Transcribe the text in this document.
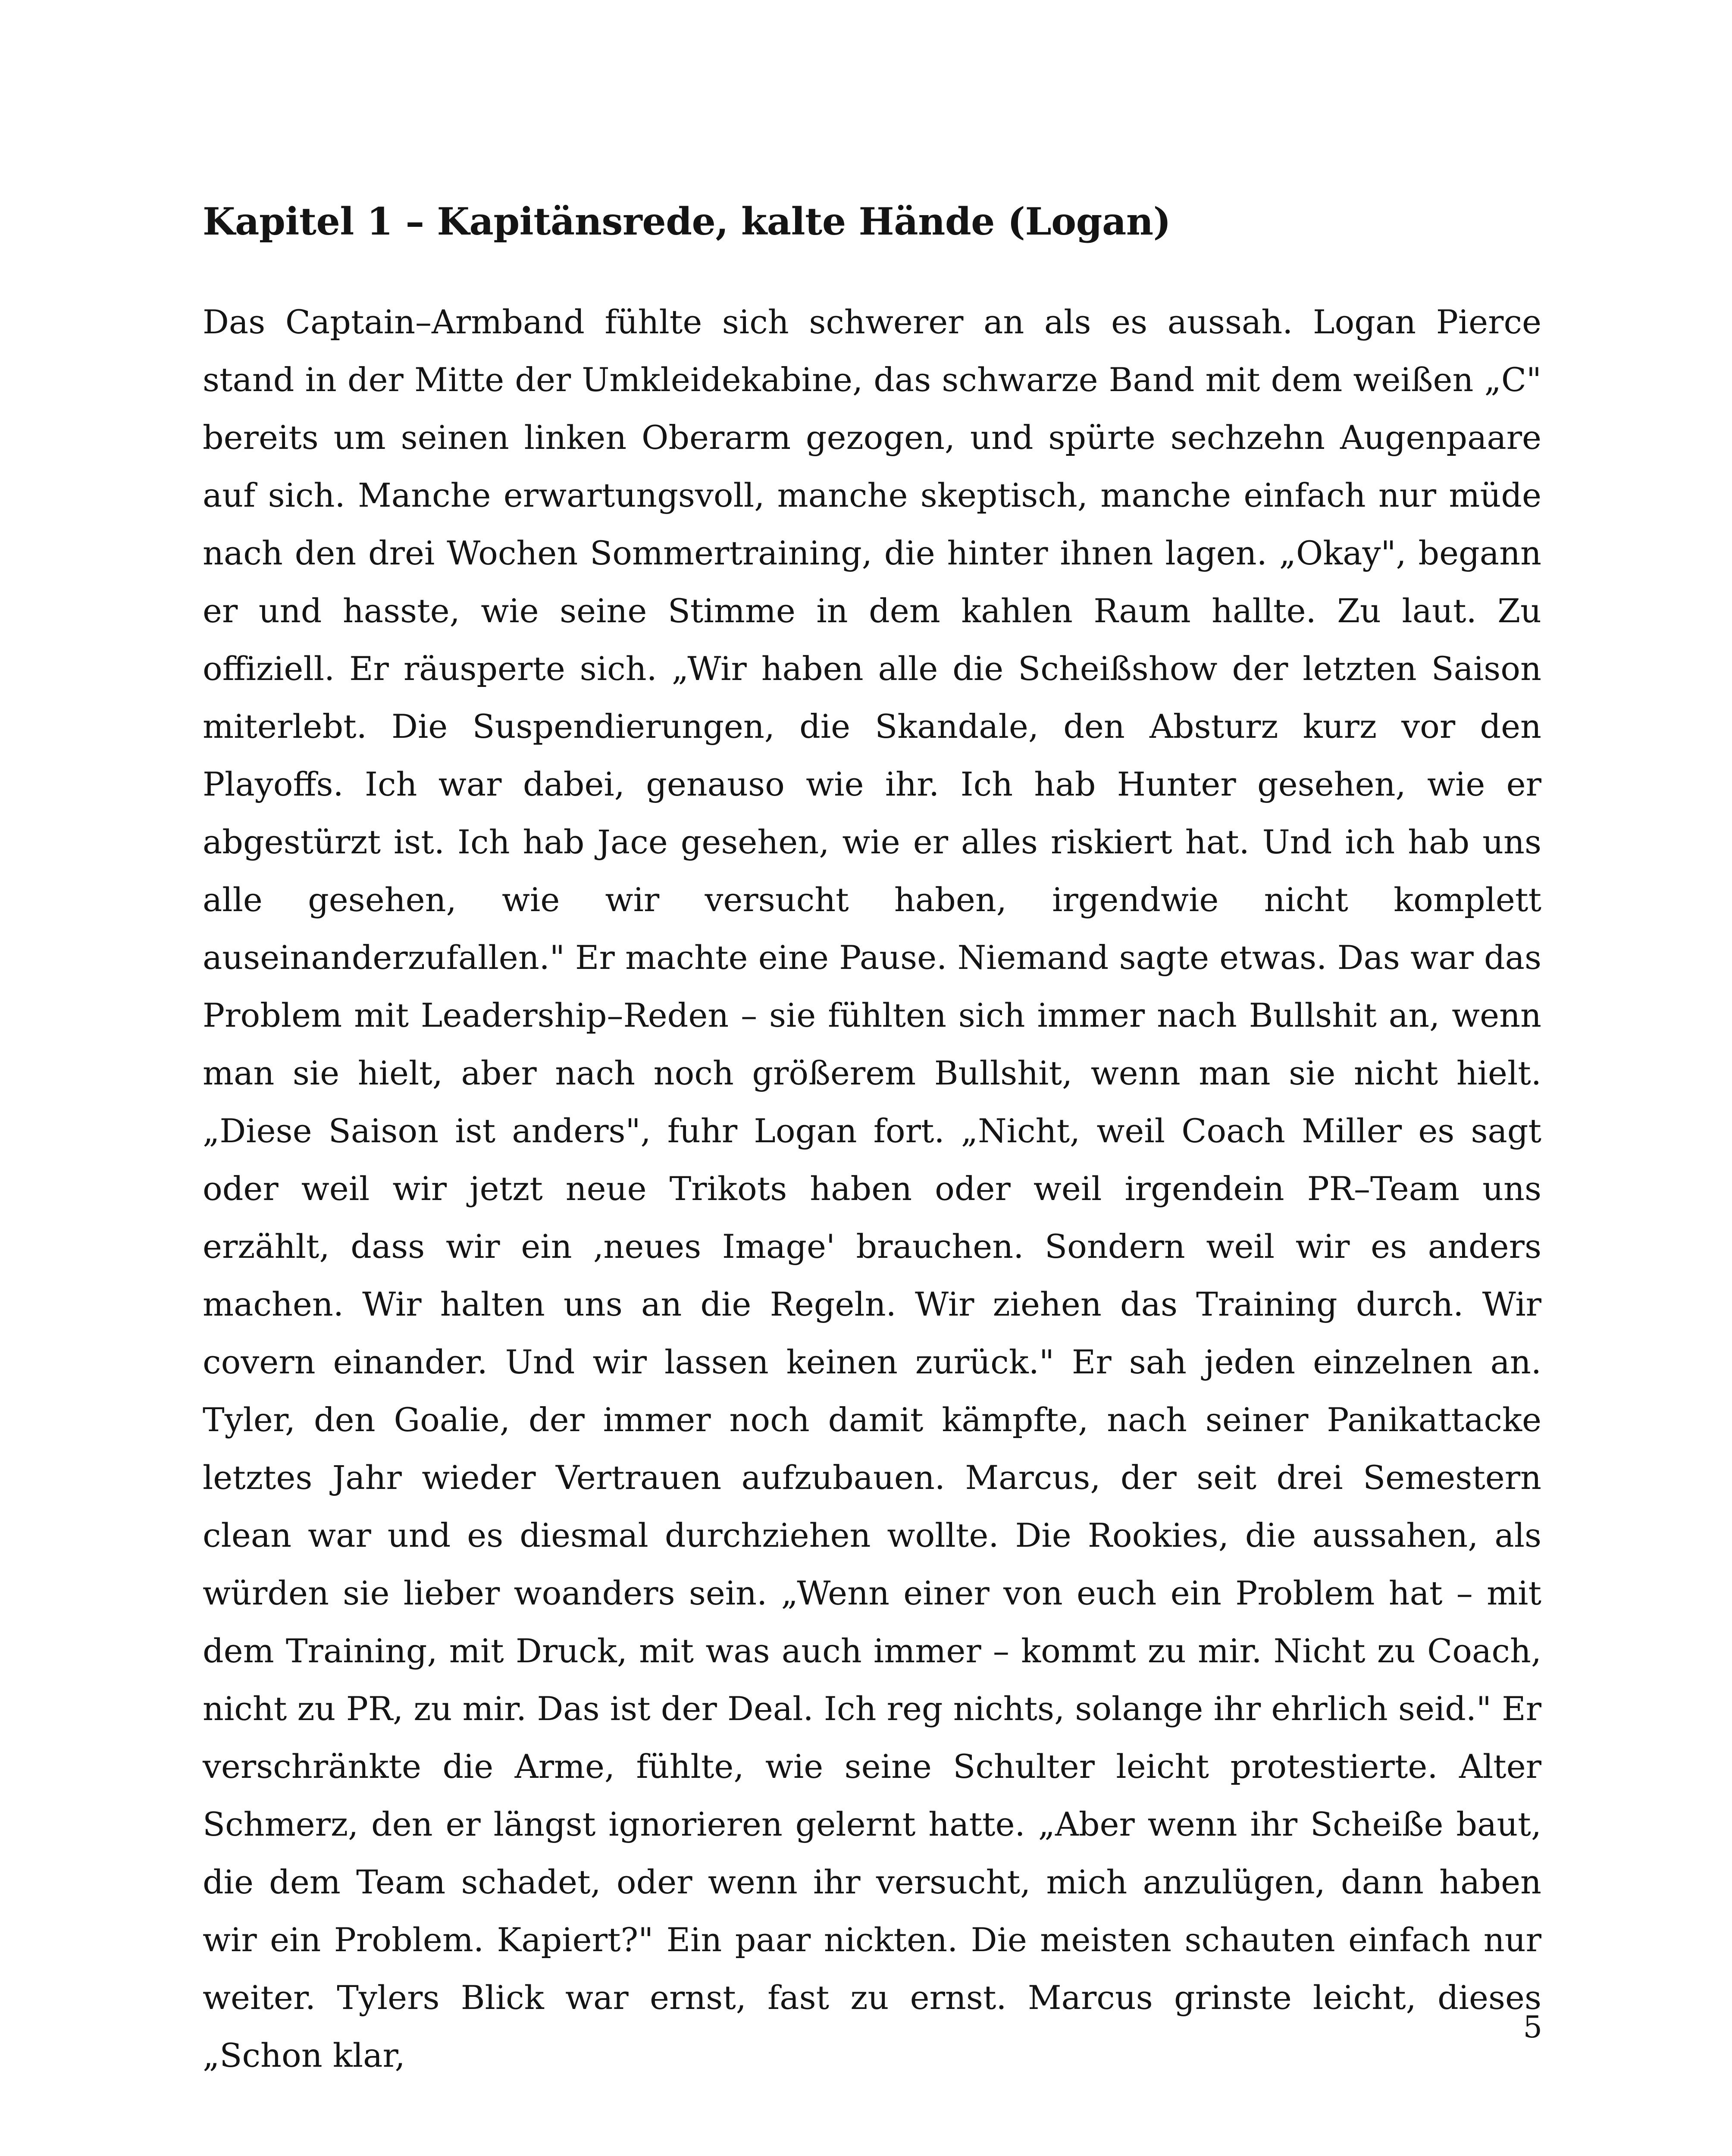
Kapitel 1 – Kapitänsrede, kalte Hände (Logan)

Das Captain–Armband fühlte sich schwerer an als es aussah. Logan Pierce stand in der Mitte der Umkleidekabine, das schwarze Band mit dem weißen „C" bereits um seinen linken Oberarm gezogen, und spürte sechzehn Augenpaare auf sich. Manche erwartungsvoll, manche skeptisch, manche einfach nur müde nach den drei Wochen Sommertraining, die hinter ihnen lagen. „Okay", begann er und hasste, wie seine Stimme in dem kahlen Raum hallte. Zu laut. Zu offiziell. Er räusperte sich. „Wir haben alle die Scheißshow der letzten Saison miterlebt. Die Suspendierungen, die Skandale, den Absturz kurz vor den Playoffs. Ich war dabei, genauso wie ihr. Ich hab Hunter gesehen, wie er abgestürzt ist. Ich hab Jace gesehen, wie er alles riskiert hat. Und ich hab uns alle gesehen, wie wir versucht haben, irgendwie nicht komplett auseinanderzufallen." Er machte eine Pause. Niemand sagte etwas. Das war das Problem mit Leadership–Reden – sie fühlten sich immer nach Bullshit an, wenn man sie hielt, aber nach noch größerem Bullshit, wenn man sie nicht hielt. „Diese Saison ist anders", fuhr Logan fort. „Nicht, weil Coach Miller es sagt oder weil wir jetzt neue Trikots haben oder weil irgendein PR–Team uns erzählt, dass wir ein ‚neues Image' brauchen. Sondern weil wir es anders machen. Wir halten uns an die Regeln. Wir ziehen das Training durch. Wir covern einander. Und wir lassen keinen zurück." Er sah jeden einzelnen an. Tyler, den Goalie, der immer noch damit kämpfte, nach seiner Panikattacke letztes Jahr wieder Vertrauen aufzubauen. Marcus, der seit drei Semestern clean war und es diesmal durchziehen wollte. Die Rookies, die aussahen, als würden sie lieber woanders sein. „Wenn einer von euch ein Problem hat – mit dem Training, mit Druck, mit was auch immer – kommt zu mir. Nicht zu Coach, nicht zu PR, zu mir. Das ist der Deal. Ich reg nichts, solange ihr ehrlich seid." Er verschränkte die Arme, fühlte, wie seine Schulter leicht protestierte. Alter Schmerz, den er längst ignorieren gelernt hatte. „Aber wenn ihr Scheiße baut, die dem Team schadet, oder wenn ihr versucht, mich anzulügen, dann haben wir ein Problem. Kapiert?" Ein paar nickten. Die meisten schauten einfach nur weiter. Tylers Blick war ernst, fast zu ernst. Marcus grinste leicht, dieses „Schon klar,

5
